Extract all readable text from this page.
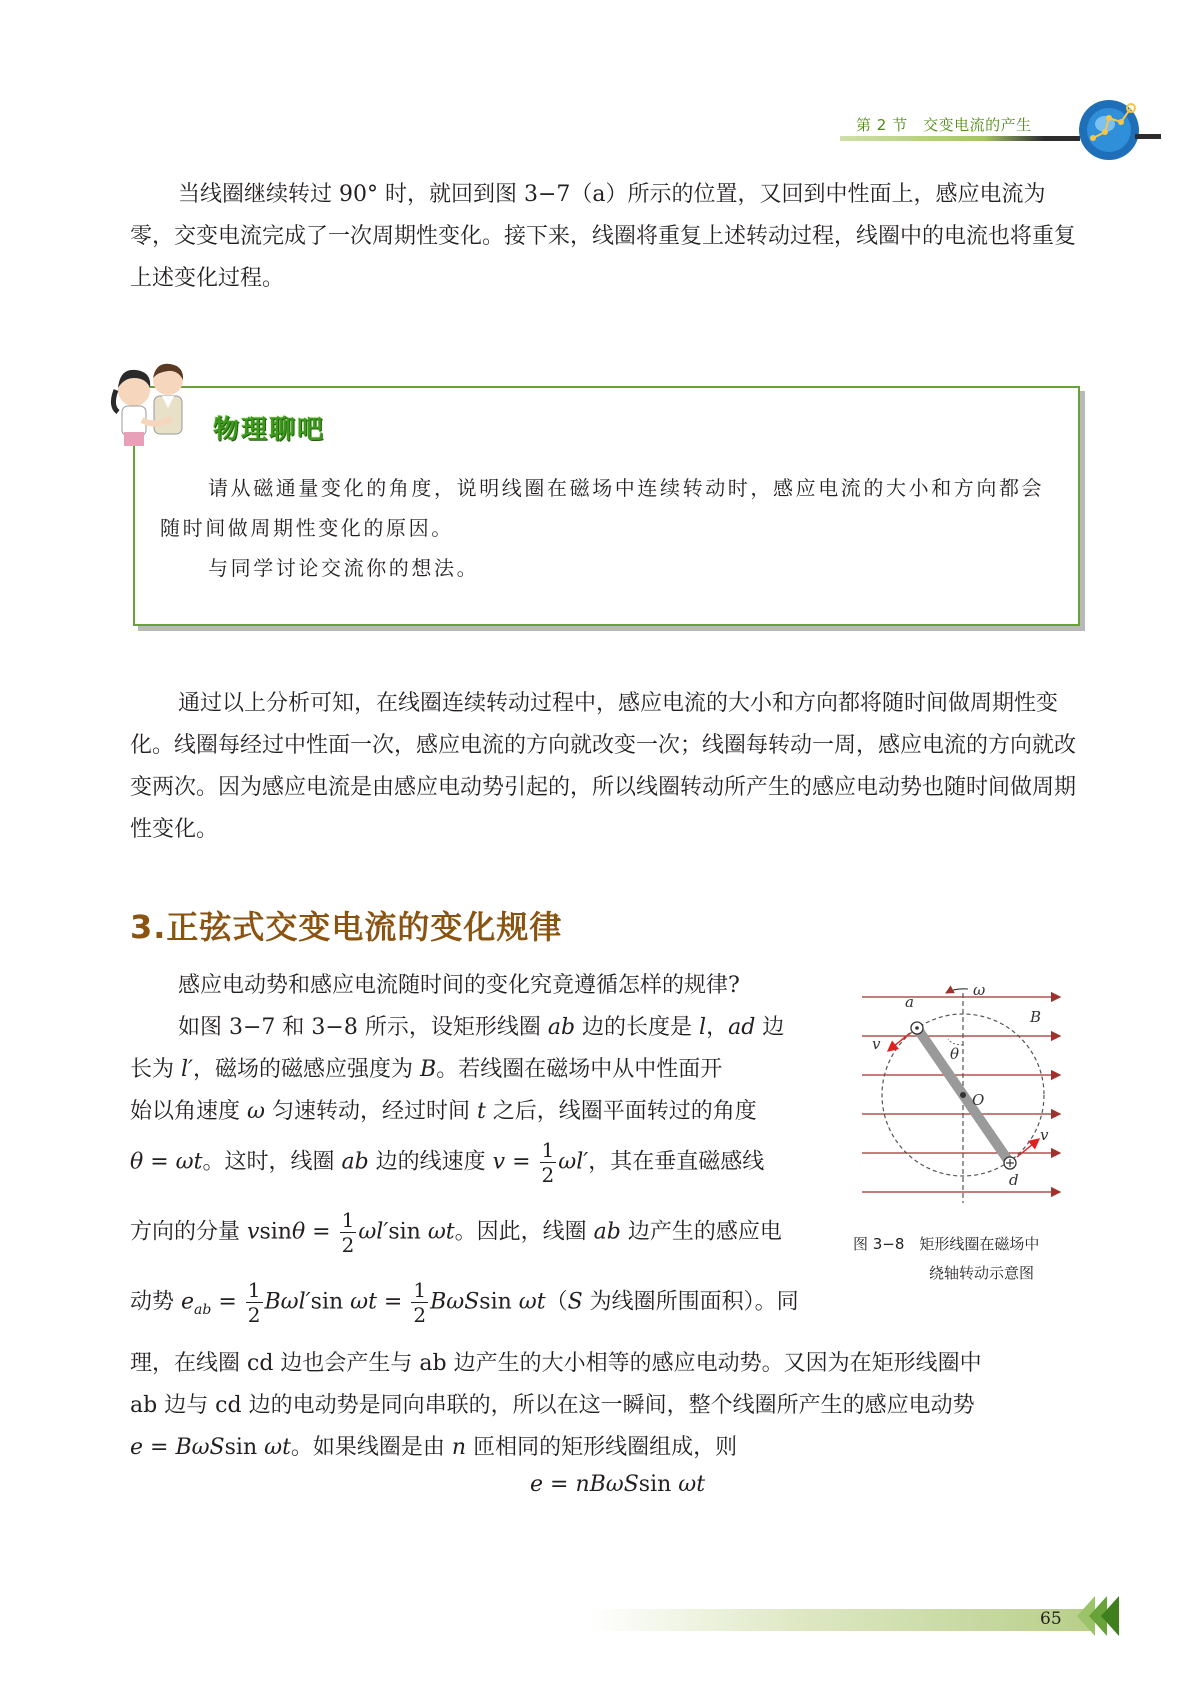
第 2 节　交变电流的产生

当线圈继续转过 90° 时，就回到图 3−7（a）所示的位置，又回到中性面上，感应电流为零，交变电流完成了一次周期性变化。接下来，线圈将重复上述转动过程，线圈中的电流也将重复上述变化过程。

物理聊吧

请从磁通量变化的角度，说明线圈在磁场中连续转动时，感应电流的大小和方向都会随时间做周期性变化的原因。

与同学讨论交流你的想法。

通过以上分析可知，在线圈连续转动过程中，感应电流的大小和方向都将随时间做周期性变化。线圈每经过中性面一次，感应电流的方向就改变一次；线圈每转动一周，感应电流的方向就改变两次。因为感应电流是由感应电动势引起的，所以线圈转动所产生的感应电动势也随时间做周期性变化。

3.正弦式交变电流的变化规律
感应电动势和感应电流随时间的变化究竟遵循怎样的规律?
如图 3−7 和 3−8 所示，设矩形线圈 ab 边的长度是 l，ad 边
长为 l′，磁场的磁感应强度为 B。若线圈在磁场中从中性面开
始以角速度 ω 匀速转动，经过时间 t 之后，线圈平面转过的角度
θ = ωt。这时，线圈 ab 边的线速度 $v = \frac{1}{2} \omega l'$，其在垂直磁感线
方向的分量 $vsin\theta = \frac{1}{2} \omega l'\sin$ ωt。因此，线圈 ab 边产生的感应电
动势 $e_{ab} = \frac{1}{2} B\omega l'\sin$ $\omega t = \frac{1}{2}$ BωSsin ωt（S 为线圈所围面积）。同
理，在线圈 cd 边也会产生与 ab 边产生的大小相等的感应电动势。又因为在矩形线圈中
ab 边与 cd 边的电动势是同向串联的，所以在这一瞬间，整个线圈所产生的感应电动势
e = BωSsin ωt。如果线圈是由 n 匝相同的矩形线圈组成，则
e = nBωSsin ωt
a
d
B
O
ω
θ
v
v
图 3−8　矩形线圈在磁场中
绕轴转动示意图
65
